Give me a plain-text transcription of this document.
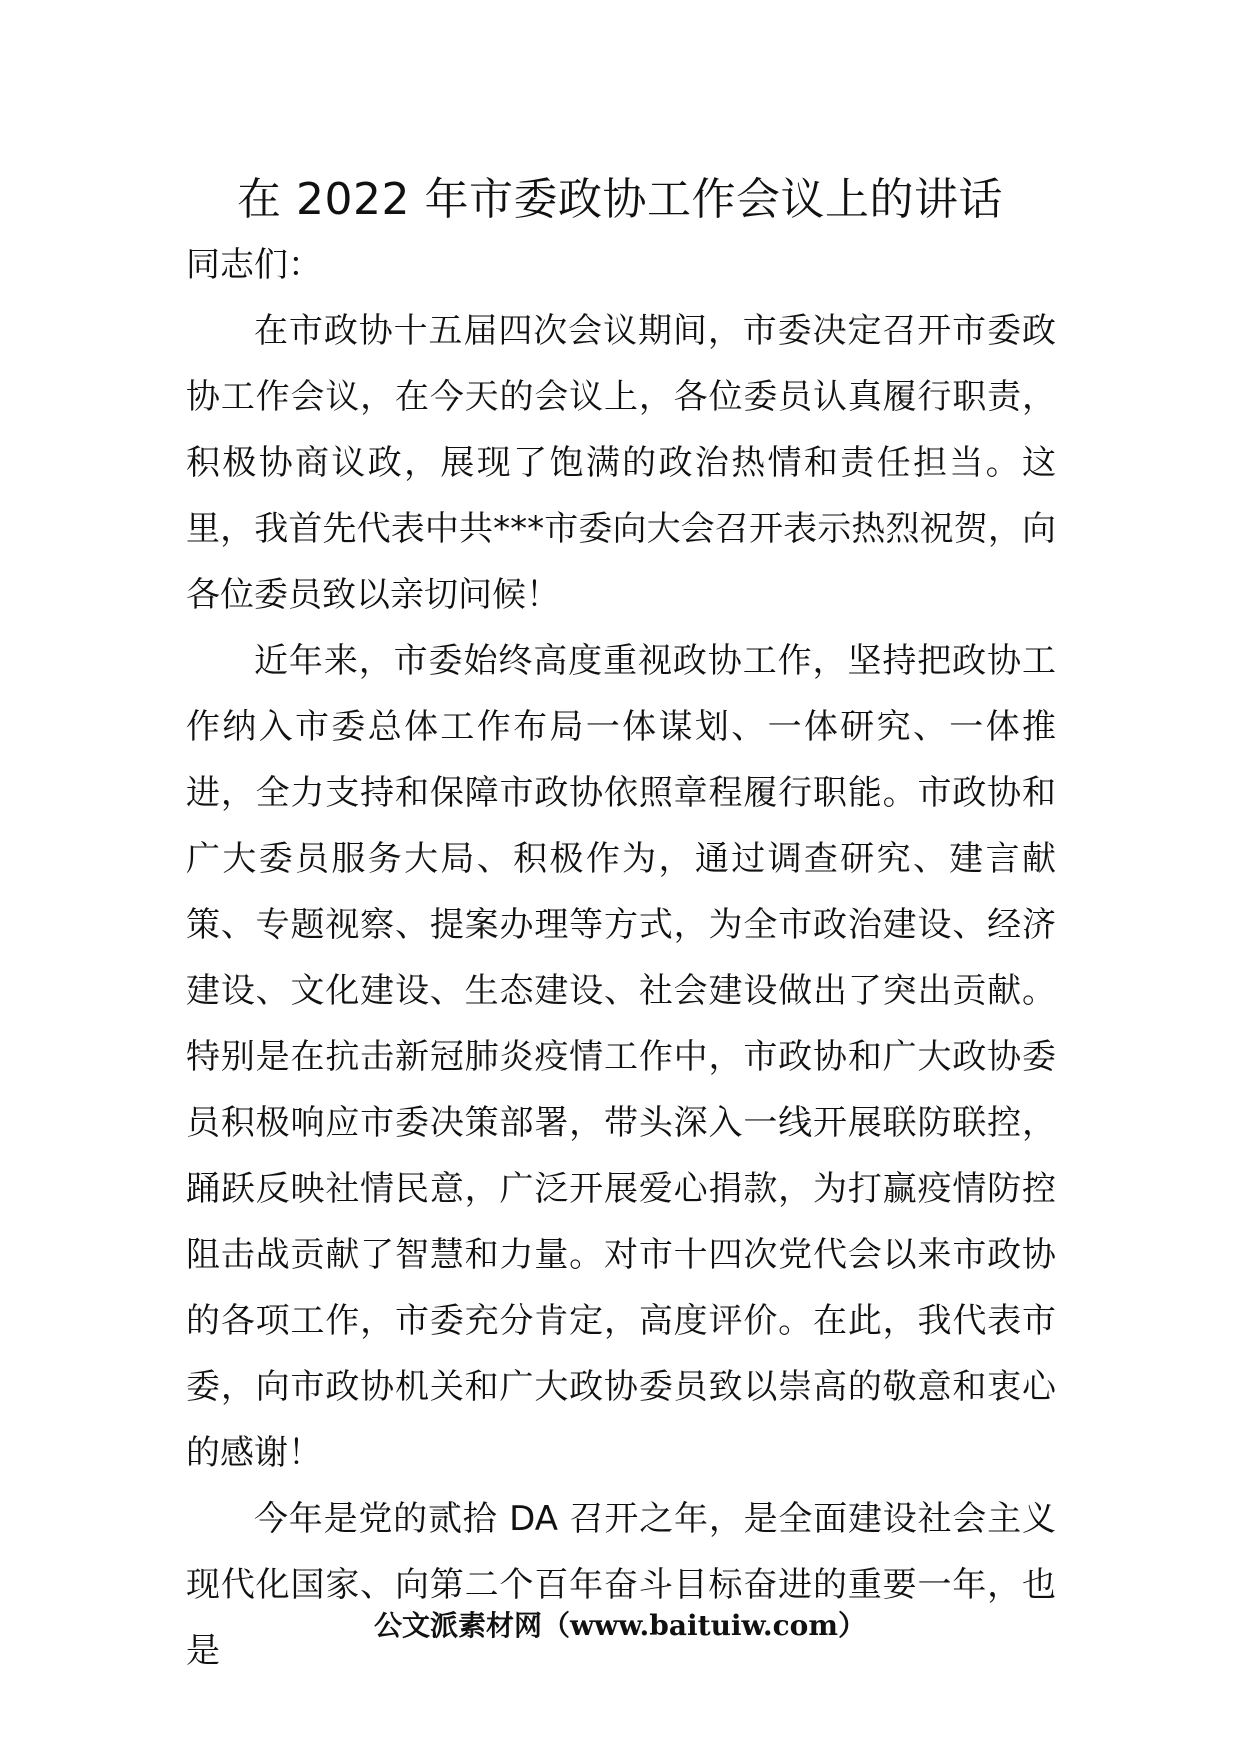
在 2022 年市委政协工作会议上的讲话

同志们：

在市政协十五届四次会议期间，市委决定召开市委政协工作会议，在今天的会议上，各位委员认真履行职责，积极协商议政，展现了饱满的政治热情和责任担当。这里，我首先代表中共***市委向大会召开表示热烈祝贺，向各位委员致以亲切问候！

近年来，市委始终高度重视政协工作，坚持把政协工作纳入市委总体工作布局一体谋划、一体研究、一体推进，全力支持和保障市政协依照章程履行职能。市政协和广大委员服务大局、积极作为，通过调查研究、建言献策、专题视察、提案办理等方式，为全市政治建设、经济建设、文化建设、生态建设、社会建设做出了突出贡献。特别是在抗击新冠肺炎疫情工作中，市政协和广大政协委员积极响应市委决策部署，带头深入一线开展联防联控，踊跃反映社情民意，广泛开展爱心捐款，为打赢疫情防控阻击战贡献了智慧和力量。对市十四次党代会以来市政协的各项工作，市委充分肯定，高度评价。在此，我代表市委，向市政协机关和广大政协委员致以崇高的敬意和衷心的感谢！

今年是党的贰拾 DA 召开之年，是全面建设社会主义现代化国家、向第二个百年奋斗目标奋进的重要一年，也是

公文派素材网（www.baituiw.com）
